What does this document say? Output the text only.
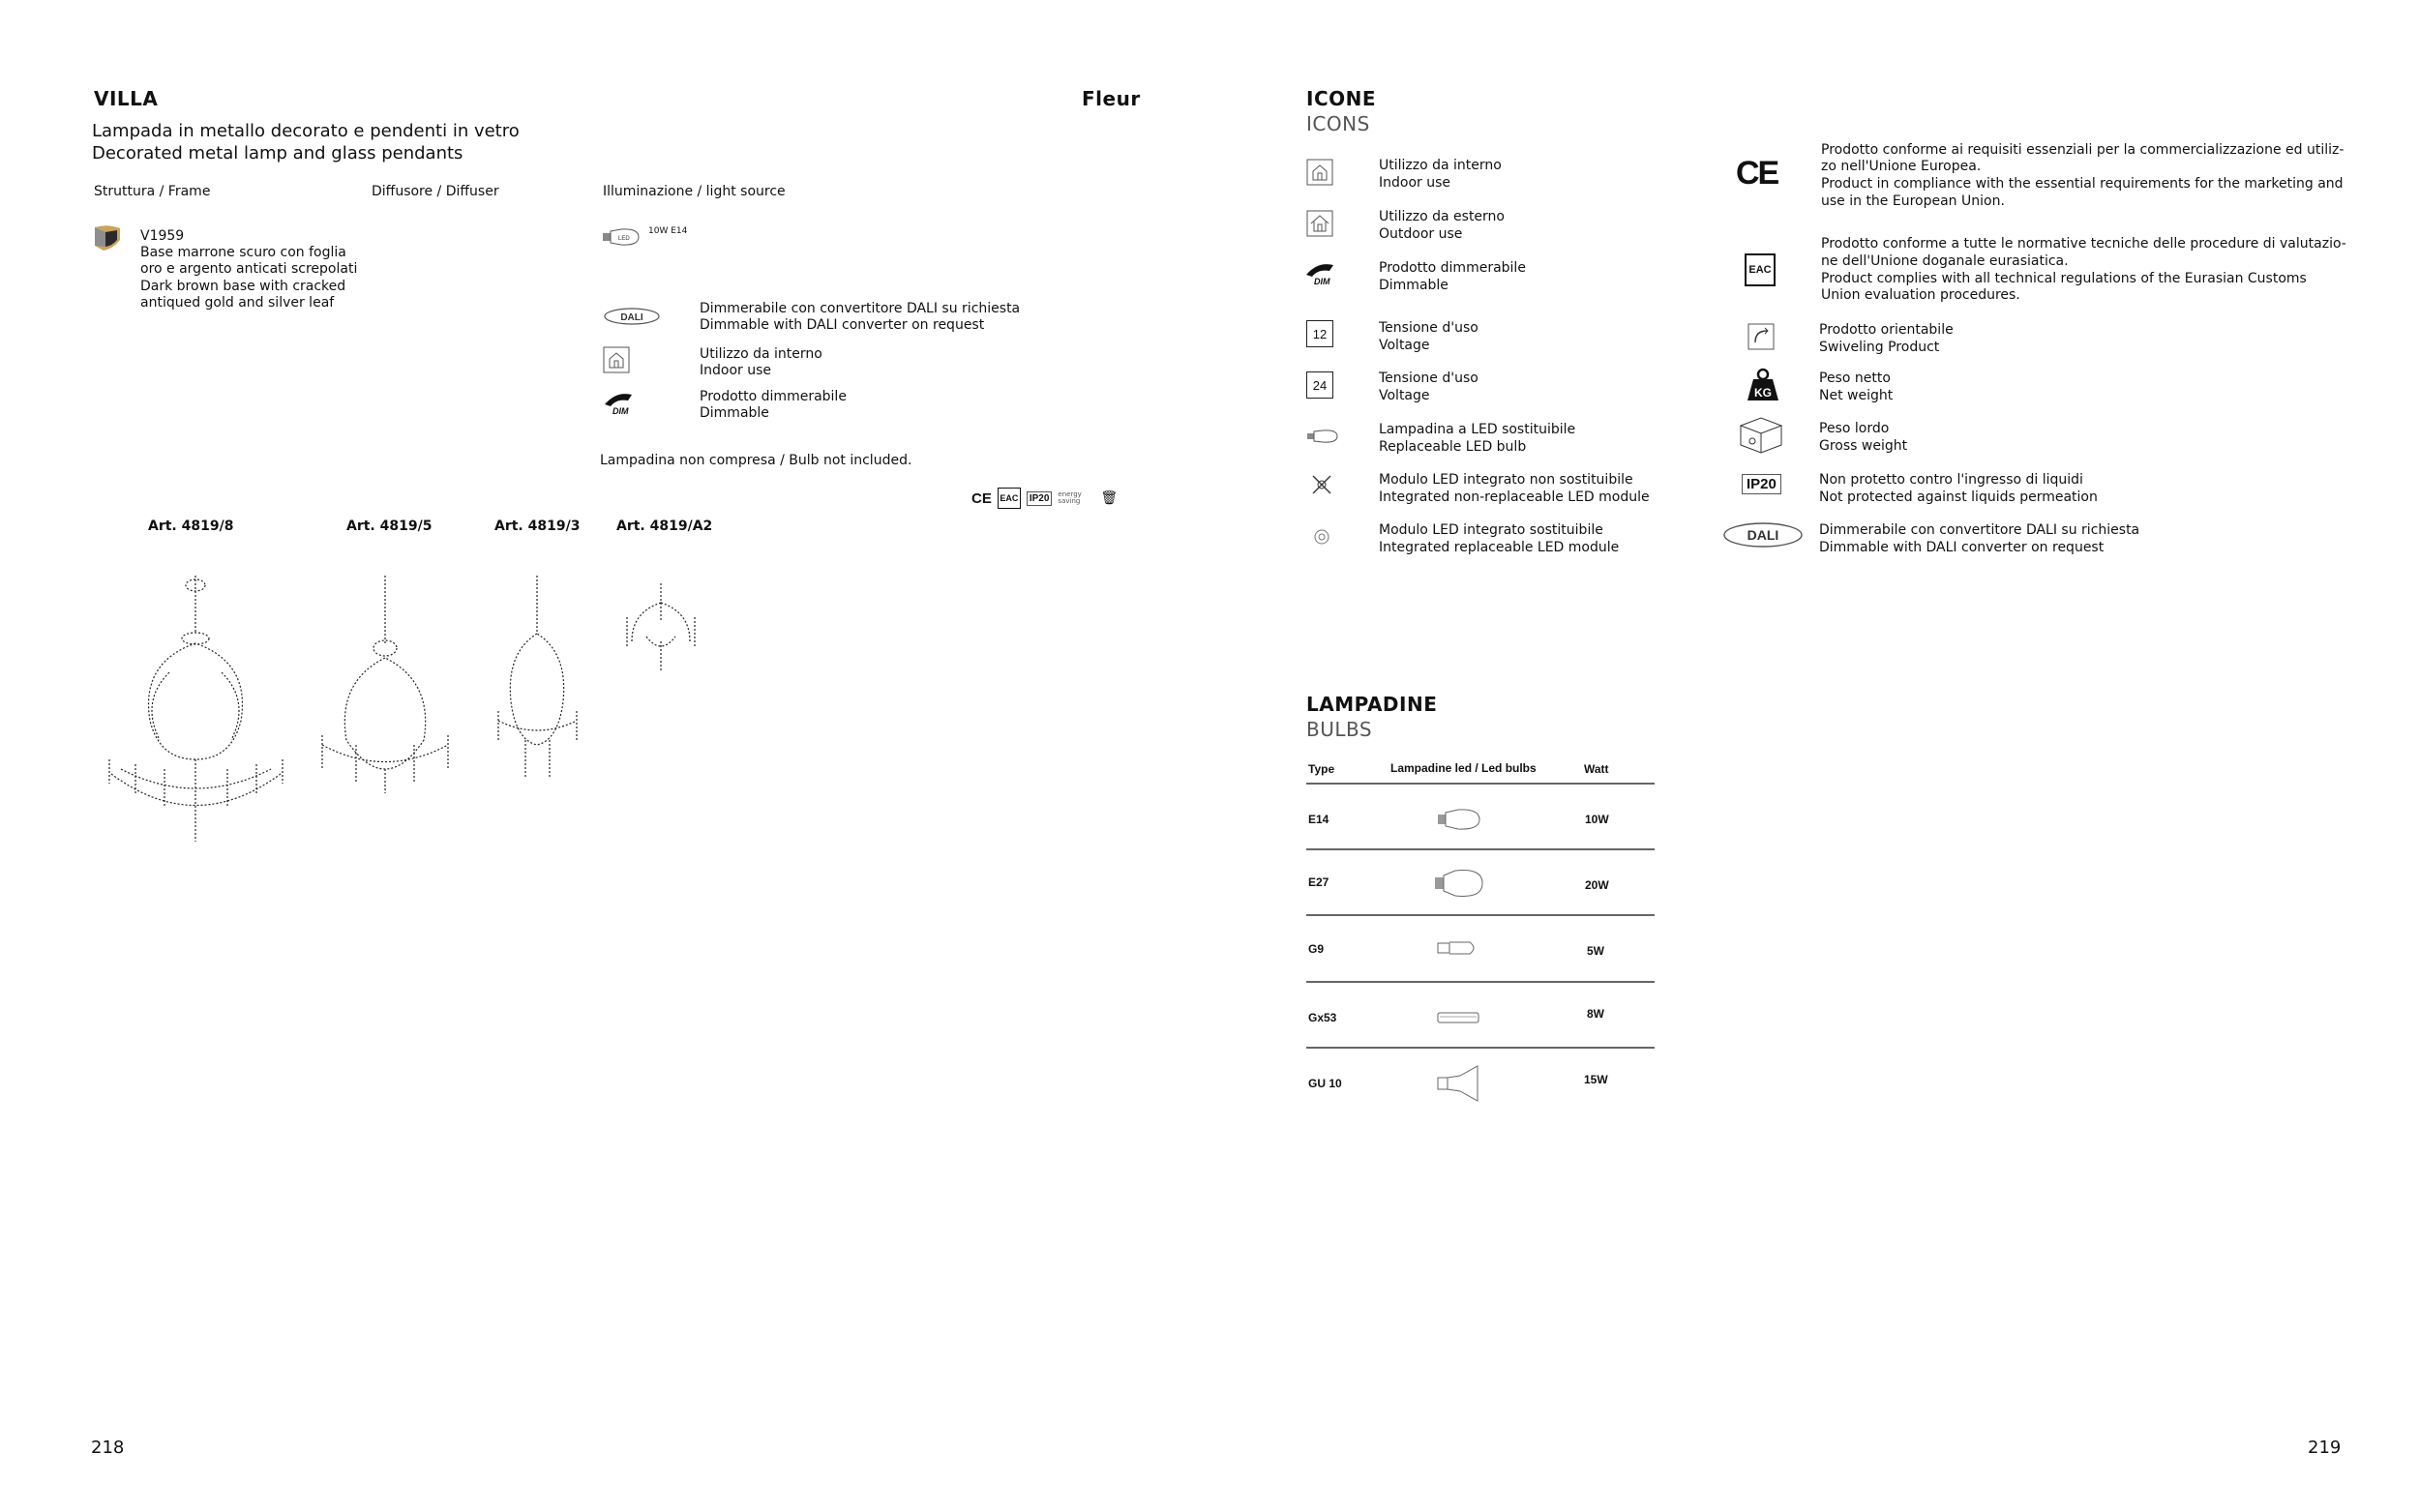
VILLA	Fleur
Lampada in metallo decorato e pendenti in vetro
Decorated metal lamp and glass pendants
Struttura / Frame	Diffusore / Diffuser	Illuminazione / light source
V1959
Base marrone scuro con foglia
oro e argento anticati screpolati
Dark brown base with cracked
antiqued gold and silver leaf
LED
10W E14
DALI
Dimmerabile con convertitore DALI su richiesta
Dimmable with DALI converter on request
Utilizzo da interno
Indoor use
DIM
Prodotto dimmerabile
Dimmable
Lampadina non compresa / Bulb not included.
CE EAC	IP20	energy saving	🗑
Art. 4819/8	Art. 4819/5	Art. 4819/3	Art. 4819/A2
218
ICONE
ICONS
Utilizzo da interno
Indoor use
Utilizzo da esterno
Outdoor use
DIM
Prodotto dimmerabile
Dimmable
12	Tensione d'uso
Voltage
24	Tensione d'uso
Voltage
Lampadina a LED sostituibile
Replaceable LED bulb
Modulo LED integrato non sostituibile
Integrated non-replaceable LED module
Modulo LED integrato sostituibile
Integrated replaceable LED module
CE
Prodotto conforme ai requisiti essenziali per la commercializzazione ed utiliz-
zo nell'Unione Europea.
Product in compliance with the essential requirements for the marketing and
use in the European Union.
EAC
Prodotto conforme a tutte le normative tecniche delle procedure di valutazio-
ne dell'Unione doganale eurasiatica.
Product complies with all technical regulations of the Eurasian Customs
Union evaluation procedures.
Prodotto orientabile
Swiveling Product
KG
Peso netto
Net weight
Peso lordo
Gross weight
IP20	Non protetto contro l'ingresso di liquidi
Not protected against liquids permeation
DALI	Dimmerabile con convertitore DALI su richiesta
Dimmable with DALI converter on request
LAMPADINE
BULBS
Type	Lampadine led / Led bulbs	Watt
E14	10W
E27	20W
G9	5W
Gx53	8W
GU 10	15W
219
